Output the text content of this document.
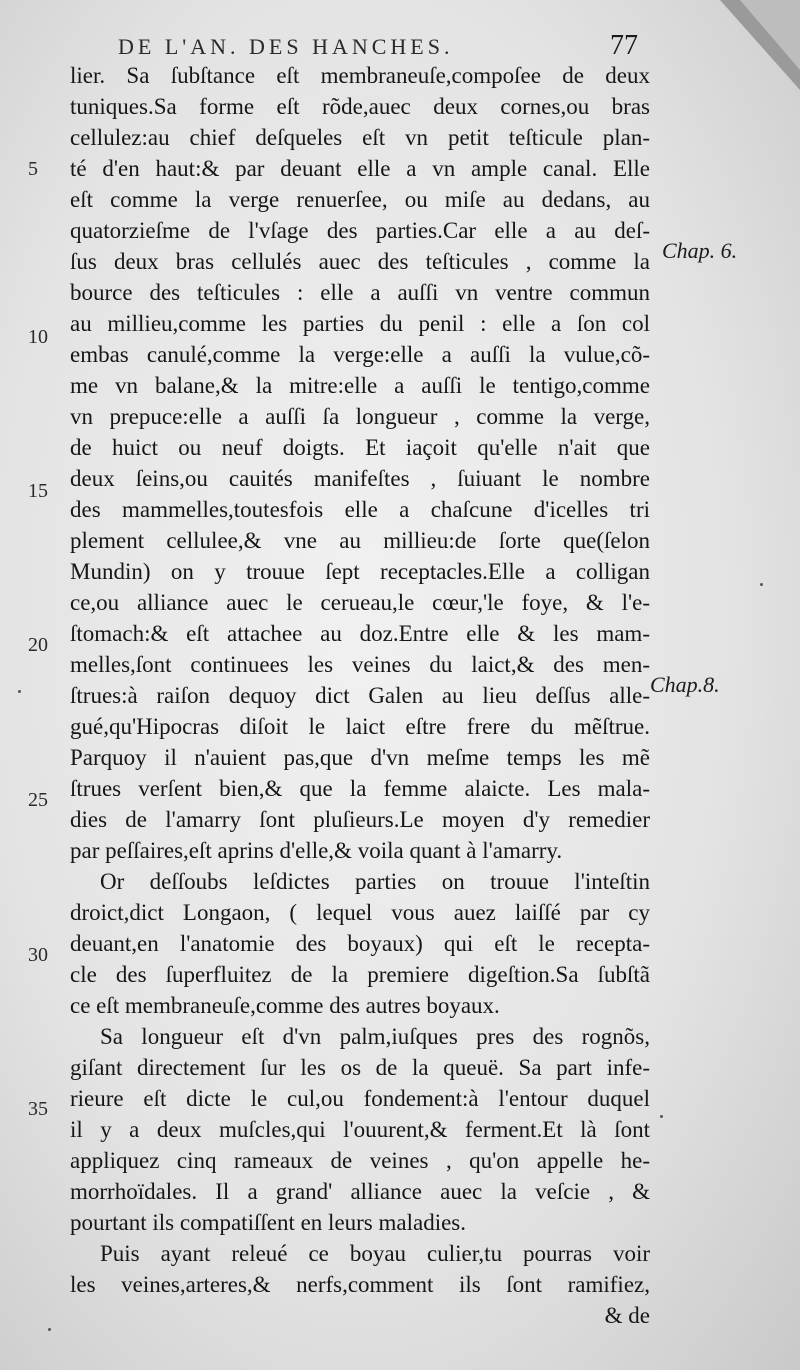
DE L'AN. DES HANCHES.	77
lier. Sa ſubſtance eſt membraneuſe,compoſee de deux
tuniques.Sa forme eſt rõde,auec deux cornes,ou bras
cellulez:au chief deſqueles eſt vn petit teſticule plan-
té d'en haut:& par deuant elle a vn ample canal. Elle
eſt comme la verge renuerſee, ou miſe au dedans, au
quatorzieſme de l'vſage des parties.Car elle a au deſ-
ſus deux bras cellulés auec des teſticules , comme la
bource des teſticules : elle a auſſi vn ventre commun
au millieu,comme les parties du penil : elle a ſon col
embas canulé,comme la verge:elle a auſſi la vulue,cõ-
me vn balane,& la mitre:elle a auſſi le tentigo,comme
vn prepuce:elle a auſſi ſa longueur , comme la verge,
de huict ou neuf doigts. Et iaçoit qu'elle n'ait que
deux ſeins,ou cauités manifeſtes , ſuiuant le nombre
des mammelles,toutesfois elle a chaſcune d'icelles tri
plement cellulee,& vne au millieu:de ſorte que(ſelon
Mundin) on y trouue ſept receptacles.Elle a colligan
ce,ou alliance auec le cerueau,le cœur,'le foye, & l'e-
ſtomach:& eſt attachee au doz.Entre elle & les mam-
melles,ſont continuees les veines du laict,& des men-
ſtrues:à raiſon dequoy dict Galen au lieu deſſus alle-
gué,qu'Hipocras diſoit le laict eſtre frere du mẽſtrue.
Parquoy il n'auient pas,que d'vn meſme temps les mẽ
ſtrues verſent bien,& que la femme alaicte. Les mala-
dies de l'amarry ſont pluſieurs.Le moyen d'y remedier
par peſſaires,eſt aprins d'elle,& voila quant à l'amarry.
Or deſſoubs leſdictes parties on trouue l'inteſtin
droict,dict Longaon, ( lequel vous auez laiſſé par cy
deuant,en l'anatomie des boyaux) qui eſt le recepta-
cle des ſuperfluitez de la premiere digeſtion.Sa ſubſtã
ce eſt membraneuſe,comme des autres boyaux.
Sa longueur eſt d'vn palm,iuſques pres des rognõs,
giſant directement ſur les os de la queuë. Sa part infe-
rieure eſt dicte le cul,ou fondement:à l'entour duquel
il y a deux muſcles,qui l'ouurent,& ferment.Et là ſont
appliquez cinq rameaux de veines , qu'on appelle he-
morrhoïdales. Il a grand' alliance auec la veſcie , &
pourtant ils compatiſſent en leurs maladies.
Puis ayant releué ce boyau culier,tu pourras voir
les veines,arteres,& nerfs,comment ils ſont ramifiez,
& de
5
10
15
20
25
30
35
Chap. 6.
Chap.8.
